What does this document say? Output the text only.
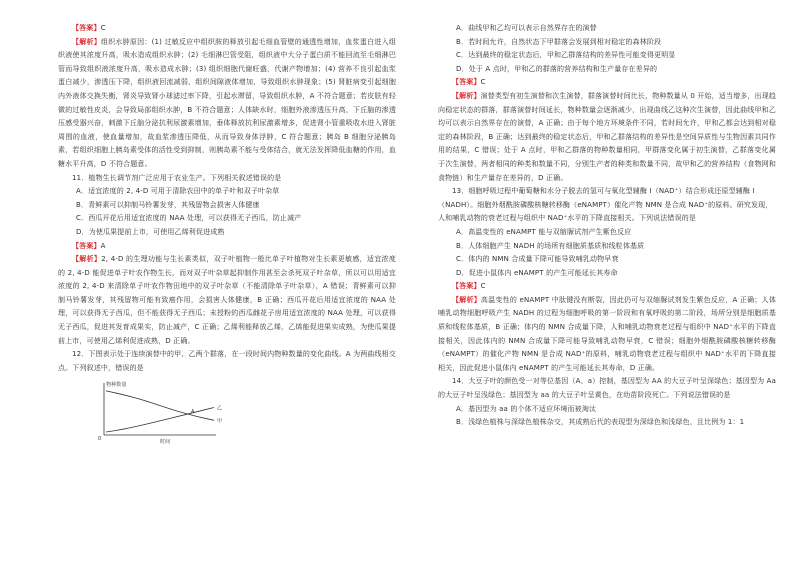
【答案】C

【解析】组织水肿原因：(1) 过敏反应中组织胺的释放引起毛细血管壁的通透性增加，血浆蛋白进入组织液使其浓度升高，吸水造成组织水肿；(2) 毛细淋巴管受阻，组织液中大分子蛋白质不能回流至毛细淋巴管而导致组织液浓度升高，吸水造成水肿；(3) 组织细胞代谢旺盛，代谢产物增加；(4) 营养不良引起血浆蛋白减少，渗透压下降，组织液回流减弱，组织间隙液体增加，导致组织水肿现象；(5) 肾脏病变引起细胞内外液体交换失衡，肾炎导致肾小球滤过率下降，引起水滞留，导致组织水肿，A 不符合题意；若皮肤有轻微的过敏性皮炎，会导致局部组织水肿，B 不符合题意；人体缺水时，细胞外液渗透压升高，下丘脑的渗透压感受器兴奋，刺激下丘脑分泌抗利尿激素增加，垂体释放抗利尿激素增多，促进肾小管重吸收水进入肾脏周围的血液，使血量增加，故血浆渗透压降低，从而导致身体浮肿，C 符合题意；胰岛 B 细胞分泌胰岛素，若组织细胞上胰岛素受体的活性受到抑制，则胰岛素不能与受体结合，就无法发挥降低血糖的作用，血糖水平升高，D 不符合题意。

11．植物生长调节剂广泛应用于农业生产。下列相关叙述错误的是

A．适宜浓度的 2, 4-D 可用于清除农田中的单子叶和双子叶杂草

B．青鲜素可以抑制马铃薯发芽，其残留物会损害人体健康

C．西瓜开花后用适宜浓度的 NAA 处理，可以获得无子西瓜，防止减产

D．为使瓜果提前上市，可使用乙烯利促进成熟

【答案】A

【解析】2, 4-D 的生理功能与生长素类似，双子叶植物一般比单子叶植物对生长素更敏感，适宜浓度的 2, 4-D 能促进单子叶农作物生长，而对双子叶杂草起抑制作用甚至会杀死双子叶杂草，所以可以用适宜浓度的 2, 4-D 来清除单子叶农作物田地中的双子叶杂草（不能清除单子叶杂草），A 错误；青鲜素可以抑制马铃薯发芽，其残留物可能有致癌作用，会损害人体健康，B 正确；西瓜开花后用适宜浓度的 NAA 处理，可以获得无子西瓜，但不能获得无子西瓜；未授粉的西瓜雌花子房用适宜浓度的 NAA 处理，可以获得无子西瓜，促进其发育成果实，防止减产，C 正确；乙烯利能释放乙烯，乙烯能促进果实成熟，为使瓜果提前上市，可使用乙烯利促进成熟，D 正确。

12．下图表示处于连续演替中的甲、乙两个群落，在一段时间内物种数量的变化曲线。A 为两曲线相交点。下列叙述中，错误的是

物种数量
时间
0
甲
乙
A

A．曲线甲和乙均可以表示自然界存在的演替

B．若时间允许，自然状态下甲群落会发展到相对稳定的森林阶段

C．达到最终的稳定状态后，甲和乙群落结构的差异性可能变得更明显

D．处于 A 点时，甲和乙的群落的营养结构和生产量存在差异的

【答案】C

【解析】演替类型有初生演替和次生演替，群落演替时间比长，物种数量从 0 开始，适当增多，出现趋向稳定状态的群落，群落演替时间延长，物种数量会逐渐减少，出现曲线乙这种次生演替，因此曲线甲和乙均可以表示自然界存在的演替，A 正确；由于每个地方环境条件不同，若时间允许，甲和乙都会达到相对稳定的森林阶段，B 正确；达到最终的稳定状态后，甲和乙群落结构的差异性是空间异质性与生物因素共同作用的结果，C 错误；处于 A 点时，甲和乙群落的物种数量相同，甲群落变化属于初生演替，乙群落变化属于次生演替，两者相同的种类和数量不同，分别生产者的种类和数量不同，故甲和乙的营养结构（食物网和食物链）和生产量存在差异的，D 正确。

13．细胞呼吸过程中葡萄糖和水分子脱去的氢可与氧化型辅酶 I（NAD⁺）结合形成还原型辅酶 I（NADH）。细胞外烟酰胺磷酸核糖转移酶（eNAMPT）催化产物 NMN 是合成 NAD⁺的原料。研究发现，人和哺乳动物的衰老过程与组织中 NAD⁺水平的下降直接相关。下列说法错误的是

A．高温变性的 eNAMPT 能与双缩脲试剂产生紫色反应

B．人体细胞产生 NADH 的场所有细胞质基质和线粒体基质

C．体内的 NMN 合成量下降可能导致哺乳动物早衰

D．促进小鼠体内 eNAMPT 的产生可能延长其寿命

【答案】C

【解析】高温变性的 eNAMPT 中肽键没有断裂，因此仍可与双缩脲试剂发生紫色反应，A 正确；人体哺乳动物细胞呼吸产生 NADH 的过程为细胞呼吸的第一阶段和有氧呼吸的第二阶段，场所分别是细胞质基质和线粒体基质，B 正确；体内的 NMN 合成量下降，人和哺乳动物衰老过程与组织中 NAD⁺水平的下降直接相关，因此体内的 NMN 合成量下降可能导致哺乳动物早衰，C 错误；细胞外烟酰胺磷酸核糖转移酶（eNAMPT）的催化产物 NMN 是合成 NAD⁺的原料，哺乳动物衰老过程与组织中 NAD⁺水平的下降直接相关，因此促进小鼠体内 eNAMPT 的产生可能延长其寿命，D 正确。

14．大豆子叶的颜色受一对等位基因（A、a）控制，基因型为 AA 的大豆子叶呈深绿色；基因型为 Aa 的大豆子叶呈浅绿色；基因型为 aa 的大豆子叶呈黄色，在幼苗阶段死亡。下列说法错误的是

A．基因型为 aa 的个体不适应环境而被淘汰

B．浅绿色植株与深绿色植株杂交，其成熟后代的表现型为深绿色和浅绿色，且比例为 1：1
